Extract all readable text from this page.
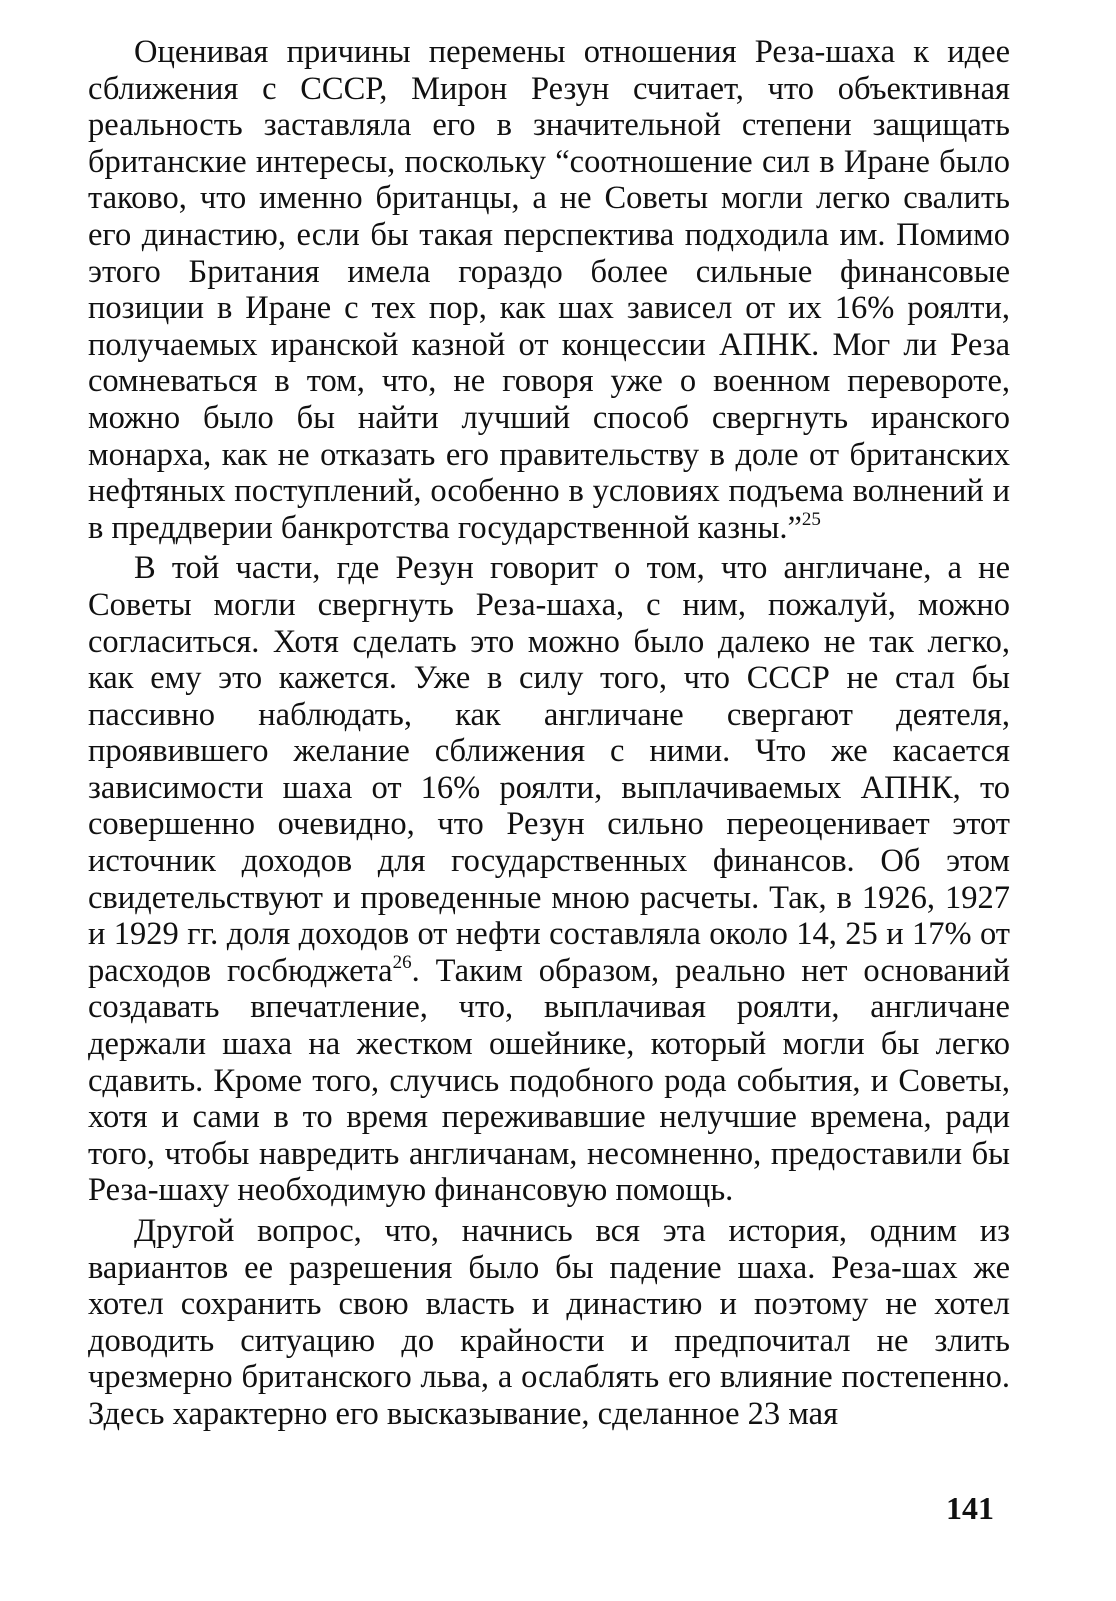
Оценивая причины перемены отношения Реза-шаха к идее сближения с СССР, Мирон Резун считает, что объективная реальность заставляла его в значительной степени защищать британские интересы, поскольку “соотношение сил в Иране было таково, что именно британцы, а не Советы могли легко свалить его династию, если бы такая перспектива подходила им. Помимо этого Британия имела гораздо более сильные финансовые позиции в Иране с тех пор, как шах зависел от их 16% роялти, получаемых иранской казной от концессии АПНК. Мог ли Реза сомневаться в том, что, не говоря уже о военном перевороте, можно было бы найти лучший способ свергнуть иранского монарха, как не отказать его правительству в доле от британских нефтяных поступлений, особенно в условиях подъема волнений и в преддверии банкротства государственной казны.”$^{25}$

В той части, где Резун говорит о том, что англичане, а не Советы могли свергнуть Реза-шаха, с ним, пожалуй, можно согласиться. Хотя сделать это можно было далеко не так легко, как ему это кажется. Уже в силу того, что СССР не стал бы пассивно наблюдать, как англичане свергают деятеля, проявившего желание сближения с ними. Что же касается зависимости шаха от 16% роялти, выплачиваемых АПНК, то совершенно очевидно, что Резун сильно переоценивает этот источник доходов для государственных финансов. Об этом свидетельствуют и проведенные мною расчеты. Так, в 1926, 1927 и 1929 гг. доля доходов от нефти составляла около 14, 25 и 17% от расходов госбюджета$^{26}$. Таким образом, реально нет оснований создавать впечатление, что, выплачивая роялти, англичане держали шаха на жестком ошейнике, который могли бы легко сдавить. Кроме того, случись подобного рода события, и Советы, хотя и сами в то время переживавшие нелучшие времена, ради того, чтобы навредить англичанам, несомненно, предоставили бы Реза-шаху необходимую финансовую помощь.

Другой вопрос, что, начнись вся эта история, одним из вариантов ее разрешения было бы падение шаха. Реза-шах же хотел сохранить свою власть и династию и поэтому не хотел доводить ситуацию до крайности и предпочитал не злить чрезмерно британского льва, а ослаблять его влияние постепенно. Здесь характерно его высказывание, сделанное 23 мая

141
